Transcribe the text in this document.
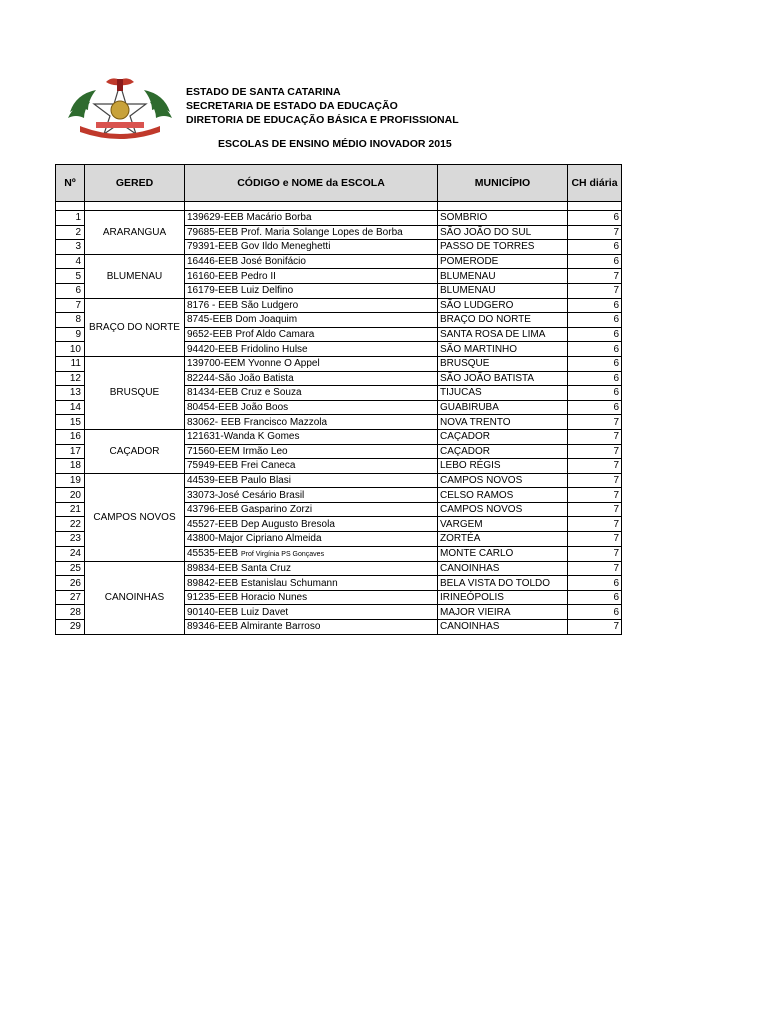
ESTADO DE SANTA CATARINA
SECRETARIA DE ESTADO DA EDUCAÇÃO
DIRETORIA DE EDUCAÇÃO BÁSICA E PROFISSIONAL
ESCOLAS DE ENSINO MÉDIO INOVADOR 2015
Nº	GERED	CÓDIGO e NOME da ESCOLA	MUNICÍPIO	CH diária

1	ARARANGUA	139629-EEB Macário Borba	SOMBRIO	6
2		79685-EEB Prof. Maria Solange Lopes de Borba	SÃO JOÃO DO SUL	7
3		79391-EEB Gov Ildo Meneghetti	PASSO DE TORRES	6
4	BLUMENAU	16446-EEB José Bonifácio	POMERODE	6
5		16160-EEB Pedro II	BLUMENAU	7
6		16179-EEB Luiz Delfino	BLUMENAU	7
7	BRAÇO DO NORTE	8176 - EEB São Ludgero	SÃO LUDGERO	6
8		8745-EEB Dom Joaquim	BRAÇO DO NORTE	6
9		9652-EEB Prof Aldo Camara	SANTA ROSA DE LIMA	6
10		94420-EEB Fridolino Hulse	SÃO MARTINHO	6
11	BRUSQUE	139700-EEM Yvonne O Appel	BRUSQUE	6
12		82244-São João Batista	SÃO JOÃO BATISTA	6
13		81434-EEB Cruz e Souza	TIJUCAS	6
14		80454-EEB João Boos	GUABIRUBA	6
15		83062- EEB Francisco Mazzola	NOVA TRENTO	7
16	CAÇADOR	121631-Wanda K Gomes	CAÇADOR	7
17		71560-EEM Irmão Leo	CAÇADOR	7
18		75949-EEB Frei Caneca	LEBO RÉGIS	7
19	CAMPOS NOVOS	44539-EEB Paulo Blasi	CAMPOS NOVOS	7
20		33073-José Cesário Brasil	CELSO RAMOS	7
21		43796-EEB Gasparino Zorzi	CAMPOS NOVOS	7
22		45527-EEB Dep Augusto Bresola	VARGEM	7
23		43800-Major Cipriano Almeida	ZORTÉA	7
24		45535-EEB Prof Virgínia PS Gonçaves	MONTE CARLO	7
25	CANOINHAS	89834-EEB Santa Cruz	CANOINHAS	7
26		89842-EEB Estanislau Schumann	BELA VISTA DO TOLDO	6
27		91235-EEB Horacio Nunes	IRINEÓPOLIS	6
28		90140-EEB Luiz Davet	MAJOR VIEIRA	6
29		89346-EEB Almirante Barroso	CANOINHAS	7
